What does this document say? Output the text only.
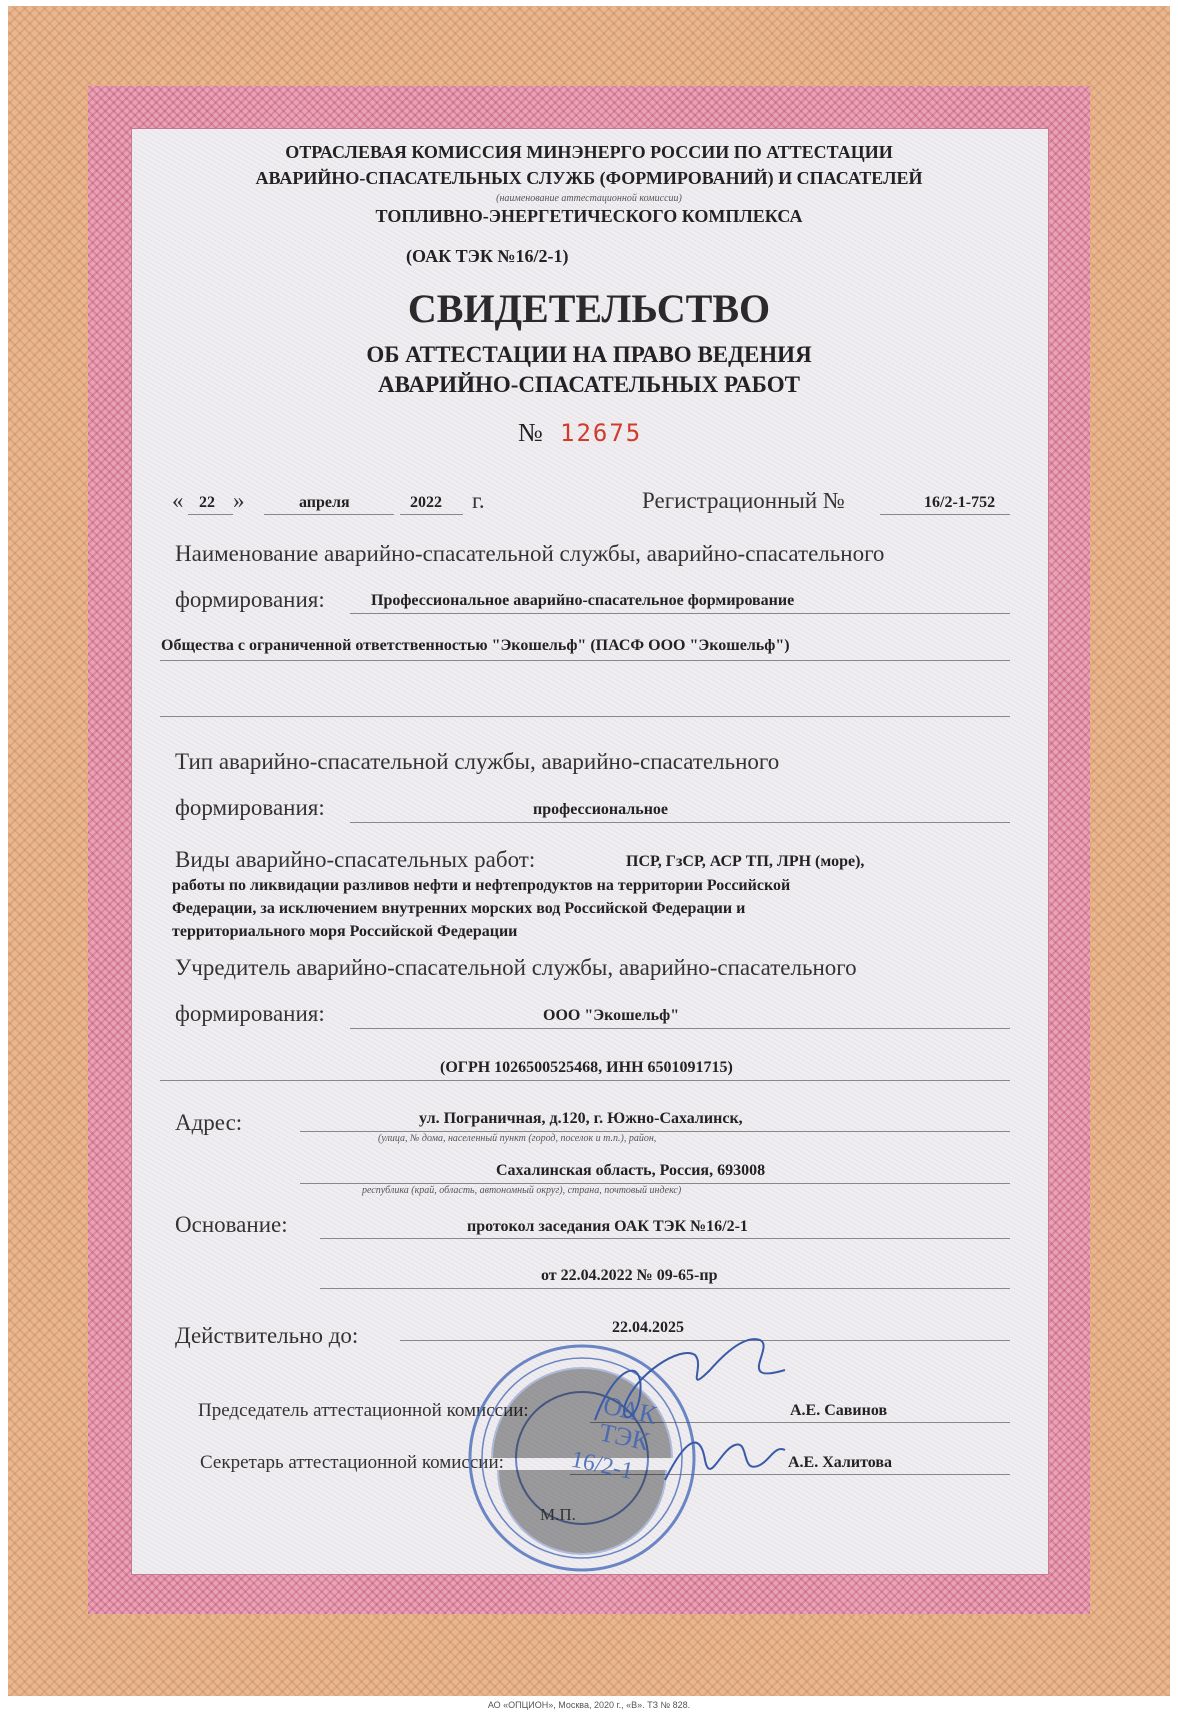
ОТРАСЛЕВАЯ КОМИССИЯ МИНЭНЕРГО РОССИИ ПО АТТЕСТАЦИИ
АВАРИЙНО-СПАСАТЕЛЬНЫХ СЛУЖБ (ФОРМИРОВАНИЙ) И СПАСАТЕЛЕЙ
(наименование аттестационной комиссии)
ТОПЛИВНО-ЭНЕРГЕТИЧЕСКОГО КОМПЛЕКСА
(ОАК ТЭК №16/2-1)
СВИДЕТЕЛЬСТВО
ОБ АТТЕСТАЦИИ НА ПРАВО ВЕДЕНИЯ
АВАРИЙНО-СПАСАТЕЛЬНЫХ РАБОТ
№ 12675
« 22 »	апреля	2022 г.	Регистрационный №	16/2-1-752
Наименование аварийно-спасательной службы, аварийно-спасательного
формирования:	Профессиональное аварийно-спасательное формирование
Общества с ограниченной ответственностью "Экошельф" (ПАСФ ООО "Экошельф")
Тип аварийно-спасательной службы, аварийно-спасательного
формирования:	профессиональное
Виды аварийно-спасательных работ:	ПСР, ГзСР, АСР ТП, ЛРН (море),
работы по ликвидации разливов нефти и нефтепродуктов на территории Российской
Федерации, за исключением внутренних морских вод Российской Федерации и
территориального моря Российской Федерации
Учредитель аварийно-спасательной службы, аварийно-спасательного
формирования:	ООО "Экошельф"
(ОГРН 1026500525468, ИНН 6501091715)
Адрес:	ул. Пограничная, д.120, г. Южно-Сахалинск,
(улица, № дома, населенный пункт (город, поселок и т.п.), район,
Сахалинская область, Россия, 693008
республика (край, область, автономный округ), страна, почтовый индекс)
Основание:	протокол заседания ОАК ТЭК №16/2-1
от 22.04.2022 № 09-65-пр
Действительно до:	22.04.2025
Председатель аттестационной комиссии:	А.Е. Савинов
Секретарь аттестационной комиссии:	А.Е. Халитова
ОАК
ТЭК
16/2-1
М.П.
АО «ОПЦИОН», Москва, 2020 г., «В». ТЗ № 828.
